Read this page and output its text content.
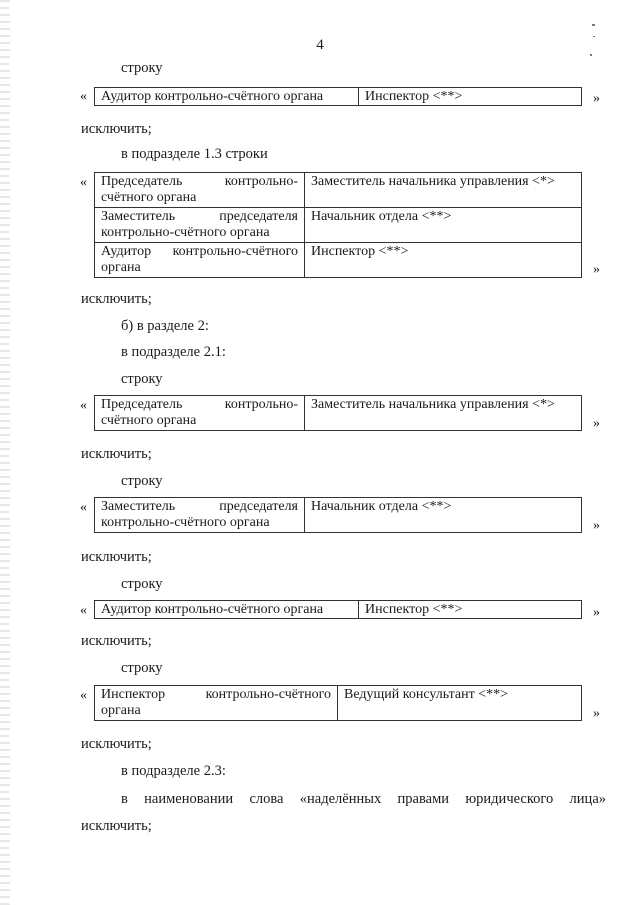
4
строку
« Аудитор контрольно-счётного органа	Инспектор <**>	»
исключить;
в подразделе 1.3 строки
« Председатель контрольно-счётного органа	Заместитель начальника управления <*>
Заместитель председателя контрольно-счётного органа	Начальник отдела <**>
Аудитор контрольно-счётного органа	Инспектор <**>
»
исключить;
б) в разделе 2:
в подразделе 2.1:
строку
« Председатель контрольно-счётного органа	Заместитель начальника управления <*>
»
исключить;
строку
« Заместитель председателя контрольно-счётного органа	Начальник отдела <**>
»
исключить;
строку
« Аудитор контрольно-счётного органа	Инспектор <**>	»
исключить;
строку
« Инспектор контрольно-счётного органа	Ведущий консультант <**>
»
исключить;
в подразделе 2.3:
в наименовании слова «наделённых правами юридического лица»
исключить;
